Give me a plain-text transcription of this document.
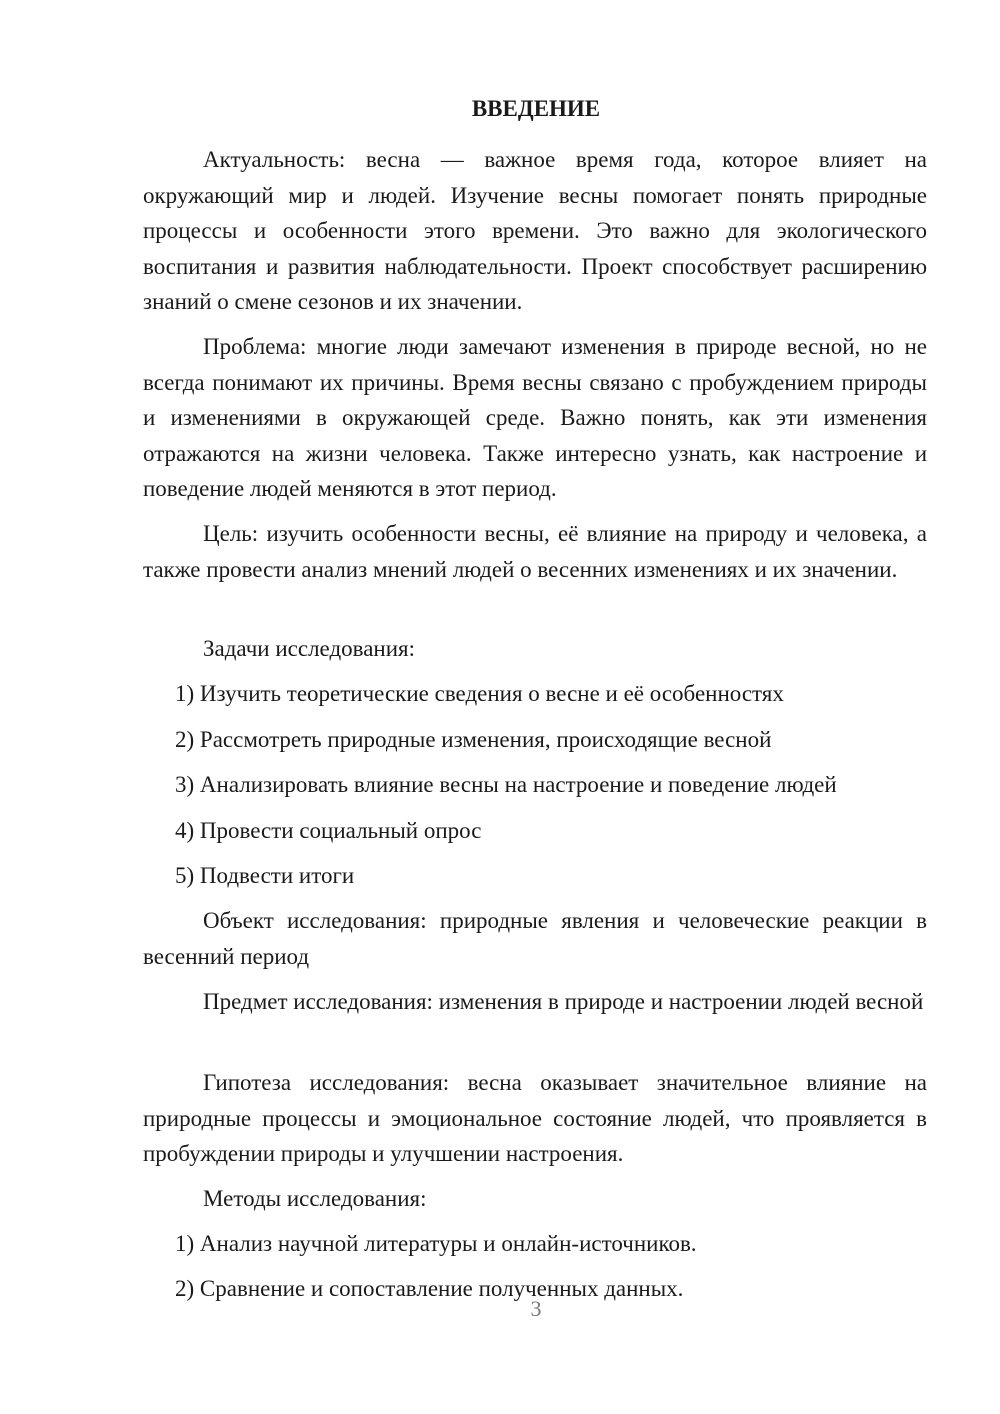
ВВЕДЕНИЕ

Актуальность: весна — важное время года, которое влияет на окружающий мир и людей. Изучение весны помогает понять природные процессы и особенности этого времени. Это важно для экологического воспитания и развития наблюдательности. Проект способствует расширению знаний о смене сезонов и их значении.

Проблема: многие люди замечают изменения в природе весной, но не всегда понимают их причины. Время весны связано с пробуждением природы и изменениями в окружающей среде. Важно понять, как эти изменения отражаются на жизни человека. Также интересно узнать, как настроение и поведение людей меняются в этот период.

Цель: изучить особенности весны, её влияние на природу и человека, а также провести анализ мнений людей о весенних изменениях и их значении.

Задачи исследования:
1) Изучить теоретические сведения о весне и её особенностях
2) Рассмотреть природные изменения, происходящие весной
3) Анализировать влияние весны на настроение и поведение людей
4) Провести социальный опрос
5) Подвести итоги

Объект исследования: природные явления и человеческие реакции в весенний период

Предмет исследования: изменения в природе и настроении людей весной

Гипотеза исследования: весна оказывает значительное влияние на природные процессы и эмоциональное состояние людей, что проявляется в пробуждении природы и улучшении настроения.

Методы исследования:
1) Анализ научной литературы и онлайн-источников.
2) Сравнение и сопоставление полученных данных.
3
